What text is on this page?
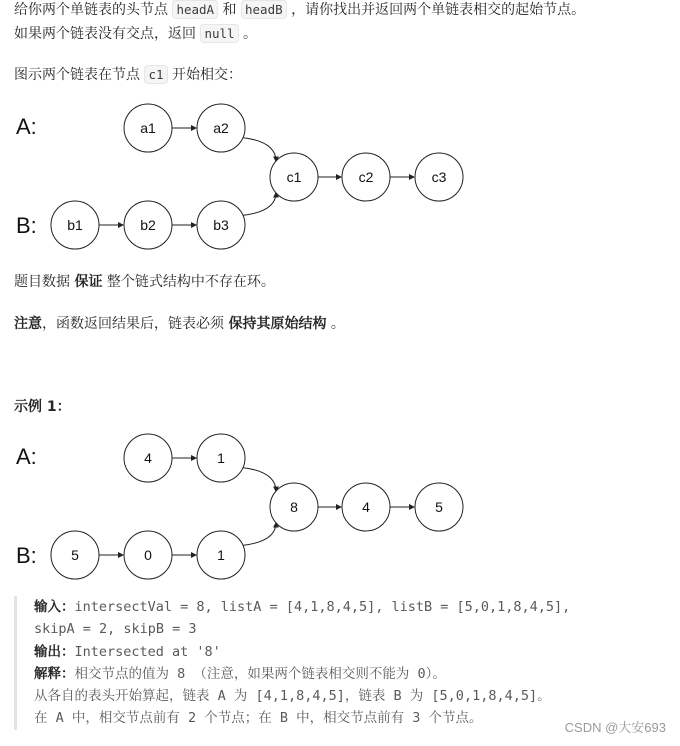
给你两个单链表的头节点 headA 和 headB ，请你找出并返回两个单链表相交的起始节点。
如果两个链表没有交点，返回 null 。
图示两个链表在节点 c1 开始相交：
A:
B:
a1	a2
c1	c2	c3
b1	b2	b3
题目数据 保证 整个链式结构中不存在环。
注意，函数返回结果后，链表必须 保持其原始结构 。
示例 1：
A:
B:
4	1
8	4	5
5	0	1
输入：intersectVal = 8, listA = [4,1,8,4,5], listB = [5,0,1,8,4,5],
skipA = 2, skipB = 3
输出：Intersected at '8'
解释：相交节点的值为 8 （注意，如果两个链表相交则不能为 0）。
从各自的表头开始算起，链表 A 为 [4,1,8,4,5]，链表 B 为 [5,0,1,8,4,5]。
在 A 中，相交节点前有 2 个节点；在 B 中，相交节点前有 3 个节点。
CSDN @大安693
